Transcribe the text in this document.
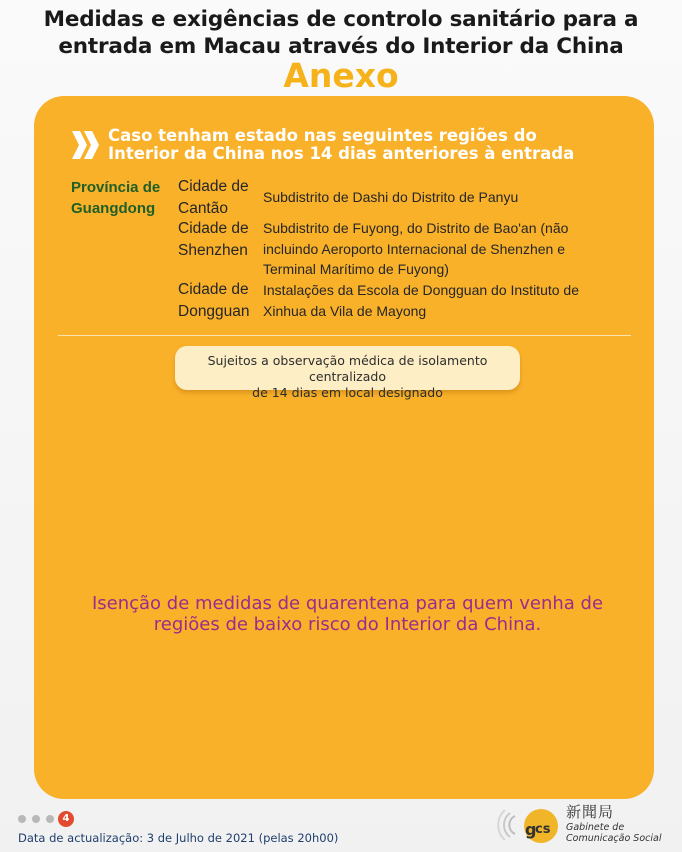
Medidas e exigências de controlo sanitário para a
entrada em Macau através do Interior da China
Anexo
Caso tenham estado nas seguintes regiões do
Interior da China nos 14 dias anteriores à entrada
Província de
Guangdong
Cidade de
Cantão
Subdistrito de Dashi do Distrito de Panyu
Cidade de
Shenzhen
Subdistrito de Fuyong, do Distrito de Bao'an (não
incluindo Aeroporto Internacional de Shenzhen e
Terminal Marítimo de Fuyong)
Cidade de
Dongguan
Instalações da Escola de Dongguan do Instituto de
Xinhua da Vila de Mayong
Sujeitos a observação médica de isolamento centralizado
de 14 dias em local designado
Isenção de medidas de quarentena para quem venha de
regiões de baixo risco do Interior da China.
4
Data de actualização: 3 de Julho de 2021 (pelas 20h00)	g
cs
新聞局
Gabinete de
Comunicação Social
